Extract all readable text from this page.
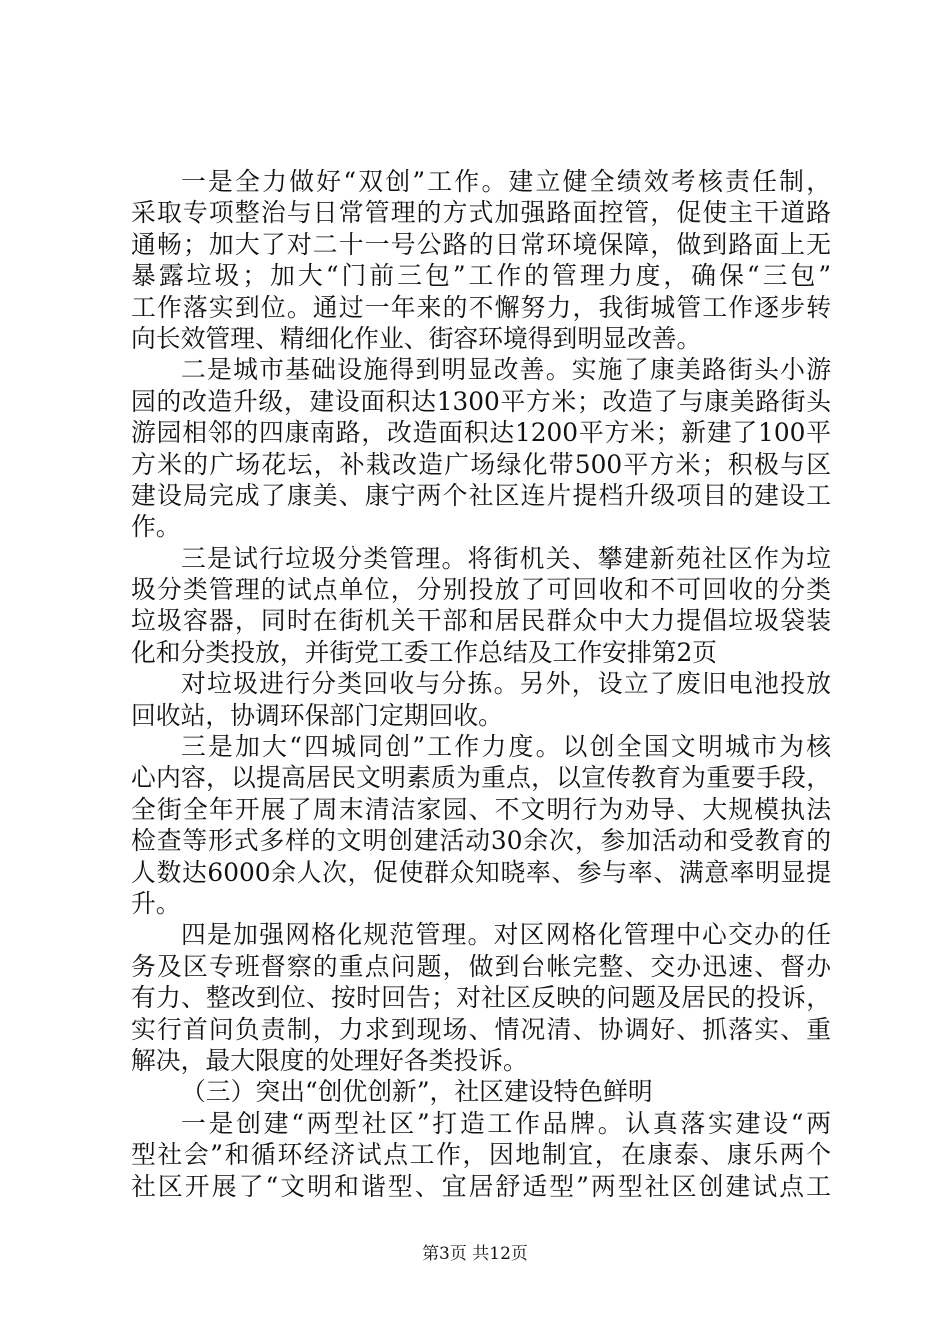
一是全力做好“双创”工作。建立健全绩效考核责任制，
采取专项整治与日常管理的方式加强路面控管，促使主干道路
通畅；加大了对二十一号公路的日常环境保障，做到路面上无
暴露垃圾；加大“门前三包”工作的管理力度，确保“三包”
工作落实到位。通过一年来的不懈努力，我街城管工作逐步转
向长效管理、精细化作业、街容环境得到明显改善。
二是城市基础设施得到明显改善。实施了康美路街头小游
园的改造升级，建设面积达1300平方米；改造了与康美路街头
游园相邻的四康南路，改造面积达1200平方米；新建了100平
方米的广场花坛，补栽改造广场绿化带500平方米；积极与区
建设局完成了康美、康宁两个社区连片提档升级项目的建设工
作。
三是试行垃圾分类管理。将街机关、攀建新苑社区作为垃
圾分类管理的试点单位，分别投放了可回收和不可回收的分类
垃圾容器，同时在街机关干部和居民群众中大力提倡垃圾袋装
化和分类投放，并街党工委工作总结及工作安排第2页
对垃圾进行分类回收与分拣。另外，设立了废旧电池投放
回收站，协调环保部门定期回收。
三是加大“四城同创”工作力度。以创全国文明城市为核
心内容，以提高居民文明素质为重点，以宣传教育为重要手段，
全街全年开展了周末清洁家园、不文明行为劝导、大规模执法
检查等形式多样的文明创建活动30余次，参加活动和受教育的
人数达6000余人次，促使群众知晓率、参与率、满意率明显提
升。
四是加强网格化规范管理。对区网格化管理中心交办的任
务及区专班督察的重点问题，做到台帐完整、交办迅速、督办
有力、整改到位、按时回告；对社区反映的问题及居民的投诉，
实行首问负责制，力求到现场、情况清、协调好、抓落实、重
解决，最大限度的处理好各类投诉。
（三）突出“创优创新”，社区建设特色鲜明
一是创建“两型社区”打造工作品牌。认真落实建设“两
型社会”和循环经济试点工作，因地制宜，在康泰、康乐两个
社区开展了“文明和谐型、宜居舒适型”两型社区创建试点工
第3页 共12页
